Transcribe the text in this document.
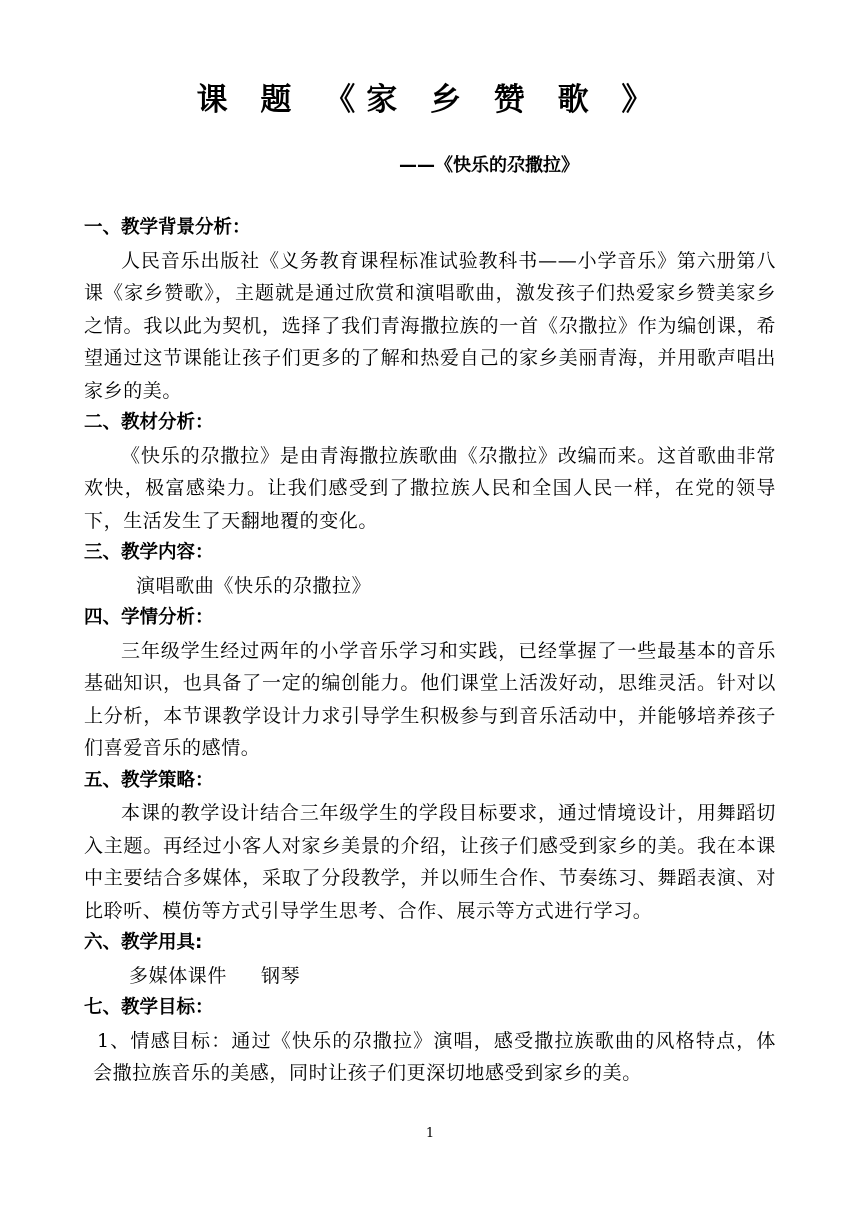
课 题 《家 乡 赞 歌 》
——《快乐的尕撒拉》

一、教学背景分析：

人民音乐出版社《义务教育课程标准试验教科书——小学音乐》第六册第八课《家乡赞歌》，主题就是通过欣赏和演唱歌曲，激发孩子们热爱家乡赞美家乡之情。我以此为契机，选择了我们青海撒拉族的一首《尕撒拉》作为编创课，希望通过这节课能让孩子们更多的了解和热爱自己的家乡美丽青海，并用歌声唱出家乡的美。

二、教材分析：

《快乐的尕撒拉》是由青海撒拉族歌曲《尕撒拉》改编而来。这首歌曲非常欢快，极富感染力。让我们感受到了撒拉族人民和全国人民一样，在党的领导下，生活发生了天翻地覆的变化。

三、教学内容：

演唱歌曲《快乐的尕撒拉》

四、学情分析：

三年级学生经过两年的小学音乐学习和实践，已经掌握了一些最基本的音乐基础知识，也具备了一定的编创能力。他们课堂上活泼好动，思维灵活。针对以上分析，本节课教学设计力求引导学生积极参与到音乐活动中，并能够培养孩子们喜爱音乐的感情。

五、教学策略：

本课的教学设计结合三年级学生的学段目标要求，通过情境设计，用舞蹈切入主题。再经过小客人对家乡美景的介绍，让孩子们感受到家乡的美。我在本课中主要结合多媒体，采取了分段教学，并以师生合作、节奏练习、舞蹈表演、对比聆听、模仿等方式引导学生思考、合作、展示等方式进行学习。

六、教学用具:

多媒体课件 钢琴

七、教学目标：

1、情感目标：通过《快乐的尕撒拉》演唱，感受撒拉族歌曲的风格特点，体会撒拉族音乐的美感，同时让孩子们更深切地感受到家乡的美。

1
